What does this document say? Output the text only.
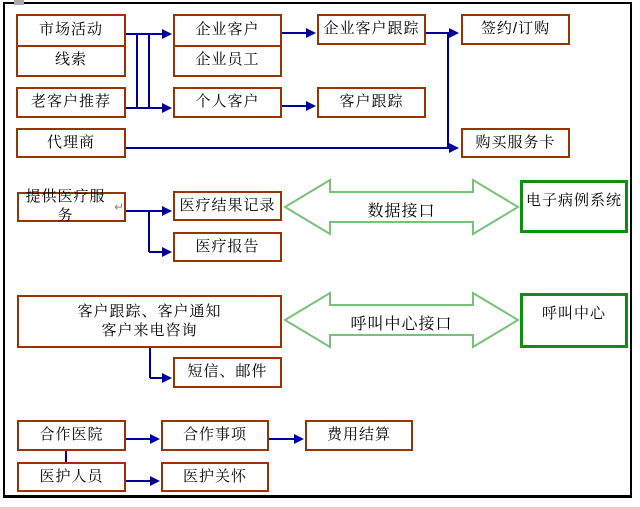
市场活动
线索
老客户推荐
代理商
企业客户
企业员工
个人客户
企业客户跟踪
客户跟踪
签约/订购
购买服务卡
提供医疗服务
↵	医疗结果记录
医疗报告
数据接口
电子病例系统
客户跟踪、客户通知
客户来电咨询
短信、邮件
呼叫中心接口
呼叫中心
合作医院
医护人员
合作事项
医护关怀
费用结算
